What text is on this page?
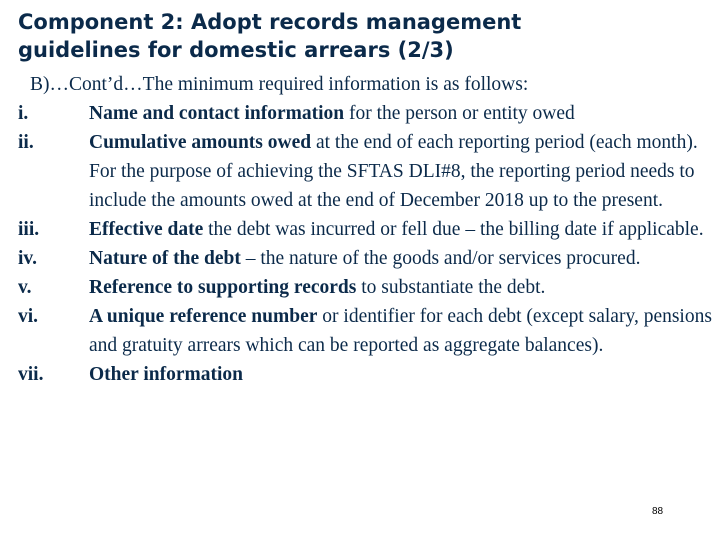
Component 2: Adopt records management
guidelines for domestic arrears (2/3)
B)…Cont’d…The minimum required information is as follows:
i.	Name and contact information for the person or entity owed
ii.	Cumulative amounts owed at the end of each reporting period (each month). For the purpose of achieving the SFTAS DLI#8, the reporting period needs to include the amounts owed at the end of December 2018 up to the present.
iii.	Effective date the debt was incurred or fell due – the billing date if applicable.
iv.	Nature of the debt – the nature of the goods and/or services procured.
v.	Reference to supporting records to substantiate the debt.
vi.	A unique reference number or identifier for each debt (except salary, pensions and gratuity arrears which can be reported as aggregate balances).
vii.	Other information
88
